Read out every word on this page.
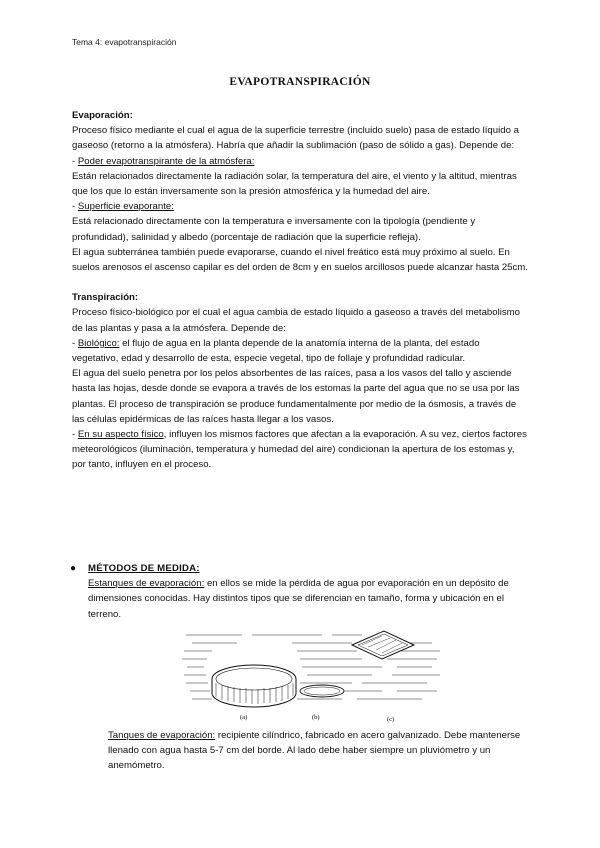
Tema 4: evapotranspiración
EVAPOTRANSPIRACIÓN

Evaporación:

Proceso físico mediante el cual el agua de la superficie terrestre (incluido suelo) pasa de estado líquido a gaseoso (retorno a la atmósfera). Habría que añadir la sublimación (paso de sólido a gas). Depende de:

- Poder evapotranspirante de la atmósfera:

Están relacionados directamente la radiación solar, la temperatura del aire, el viento y la altitud, mientras que los que lo están inversamente son la presión atmosférica y la humedad del aire.

- Superficie evaporante:

Está relacionado directamente con la temperatura e inversamente con la tipología (pendiente y profundidad), salinidad y albedo (porcentaje de radiación que la superficie refleja).

El agua subterránea también puede evaporarse, cuando el nivel freático está muy próximo al suelo. En suelos arenosos el ascenso capilar es del orden de 8cm y en suelos arcillosos puede alcanzar hasta 25cm.

Transpiración:

Proceso físico-biológico por el cual el agua cambia de estado líquido a gaseoso a través del metabolismo de las plantas y pasa a la atmósfera. Depende de:

- Biológico: el flujo de agua en la planta depende de la anatomía interna de la planta, del estado vegetativo, edad y desarrollo de esta, especie vegetal, tipo de follaje y profundidad radicular.

El agua del suelo penetra por los pelos absorbentes de las raíces, pasa a los vasos del tallo y asciende hasta las hojas, desde donde se evapora a través de los estomas la parte del agua que no se usa por las plantas. El proceso de transpiración se produce fundamentalmente por medio de la ósmosis, a través de las células epidérmicas de las raíces hasta llegar a los vasos.

- En su aspecto físico, influyen los mismos factores que afectan a la evaporación. A su vez, ciertos factores meteorológicos (iluminación, temperatura y humedad del aire) condicionan la apertura de los estomas y, por tanto, influyen en el proceso.

● MÉTODOS DE MEDIDA:

Estanques de evaporación: en ellos se mide la pérdida de agua por evaporación en un depósito de dimensiones conocidas. Hay distintos tipos que se diferencian en tamaño, forma y ubicación en el terreno.

(a)	(b)	(c)
Tanques de evaporación: recipiente cilíndrico, fabricado en acero galvanizado. Debe mantenerse llenado con agua hasta 5-7 cm del borde. Al lado debe haber siempre un pluviómetro y un anemómetro.
